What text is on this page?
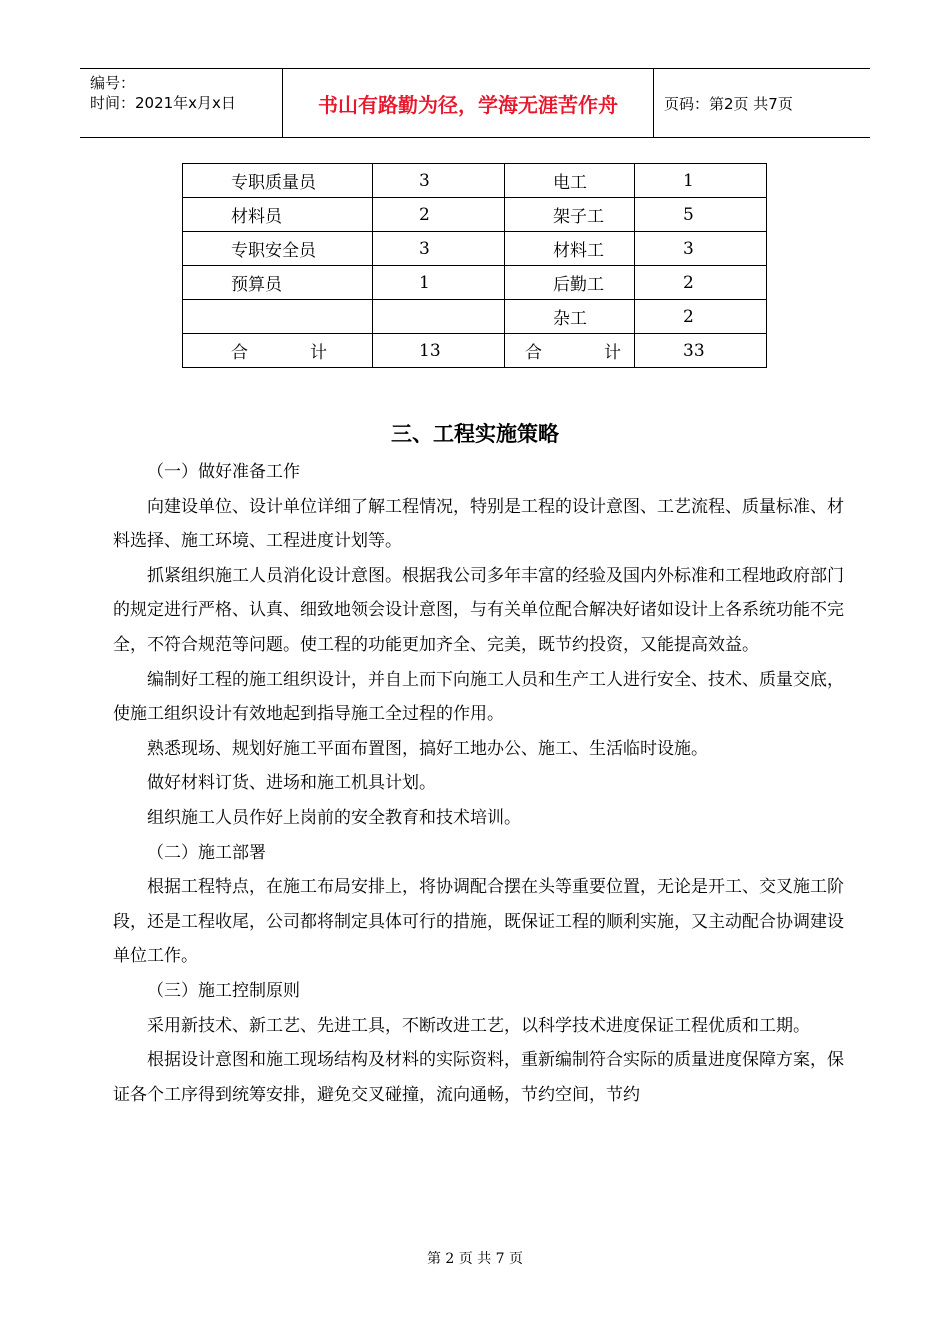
编号：
时间：2021年x月x日	书山有路勤为径，学海无涯苦作舟	页码：第2页 共7页
专职质量员	3	电工	1
材料员	2	架子工	5
专职安全员	3	材料工	3
预算员	1	后勤工	2
		杂工	2

合 计	13	合 计	33
三、工程实施策略

（一）做好准备工作

向建设单位、设计单位详细了解工程情况，特别是工程的设计意图、工艺流程、质量标准、材料选择、施工环境、工程进度计划等。

抓紧组织施工人员消化设计意图。根据我公司多年丰富的经验及国内外标准和工程地政府部门的规定进行严格、认真、细致地领会设计意图，与有关单位配合解决好诸如设计上各系统功能不完全，不符合规范等问题。使工程的功能更加齐全、完美，既节约投资，又能提高效益。

编制好工程的施工组织设计，并自上而下向施工人员和生产工人进行安全、技术、质量交底，使施工组织设计有效地起到指导施工全过程的作用。

熟悉现场、规划好施工平面布置图，搞好工地办公、施工、生活临时设施。

做好材料订货、进场和施工机具计划。

组织施工人员作好上岗前的安全教育和技术培训。

（二）施工部署

根据工程特点，在施工布局安排上，将协调配合摆在头等重要位置，无论是开工、交叉施工阶段，还是工程收尾，公司都将制定具体可行的措施，既保证工程的顺利实施，又主动配合协调建设单位工作。

（三）施工控制原则

采用新技术、新工艺、先进工具，不断改进工艺，以科学技术进度保证工程优质和工期。

根据设计意图和施工现场结构及材料的实际资料，重新编制符合实际的质量进度保障方案，保证各个工序得到统筹安排，避免交叉碰撞，流向通畅，节约空间，节约

第 2 页 共 7 页
